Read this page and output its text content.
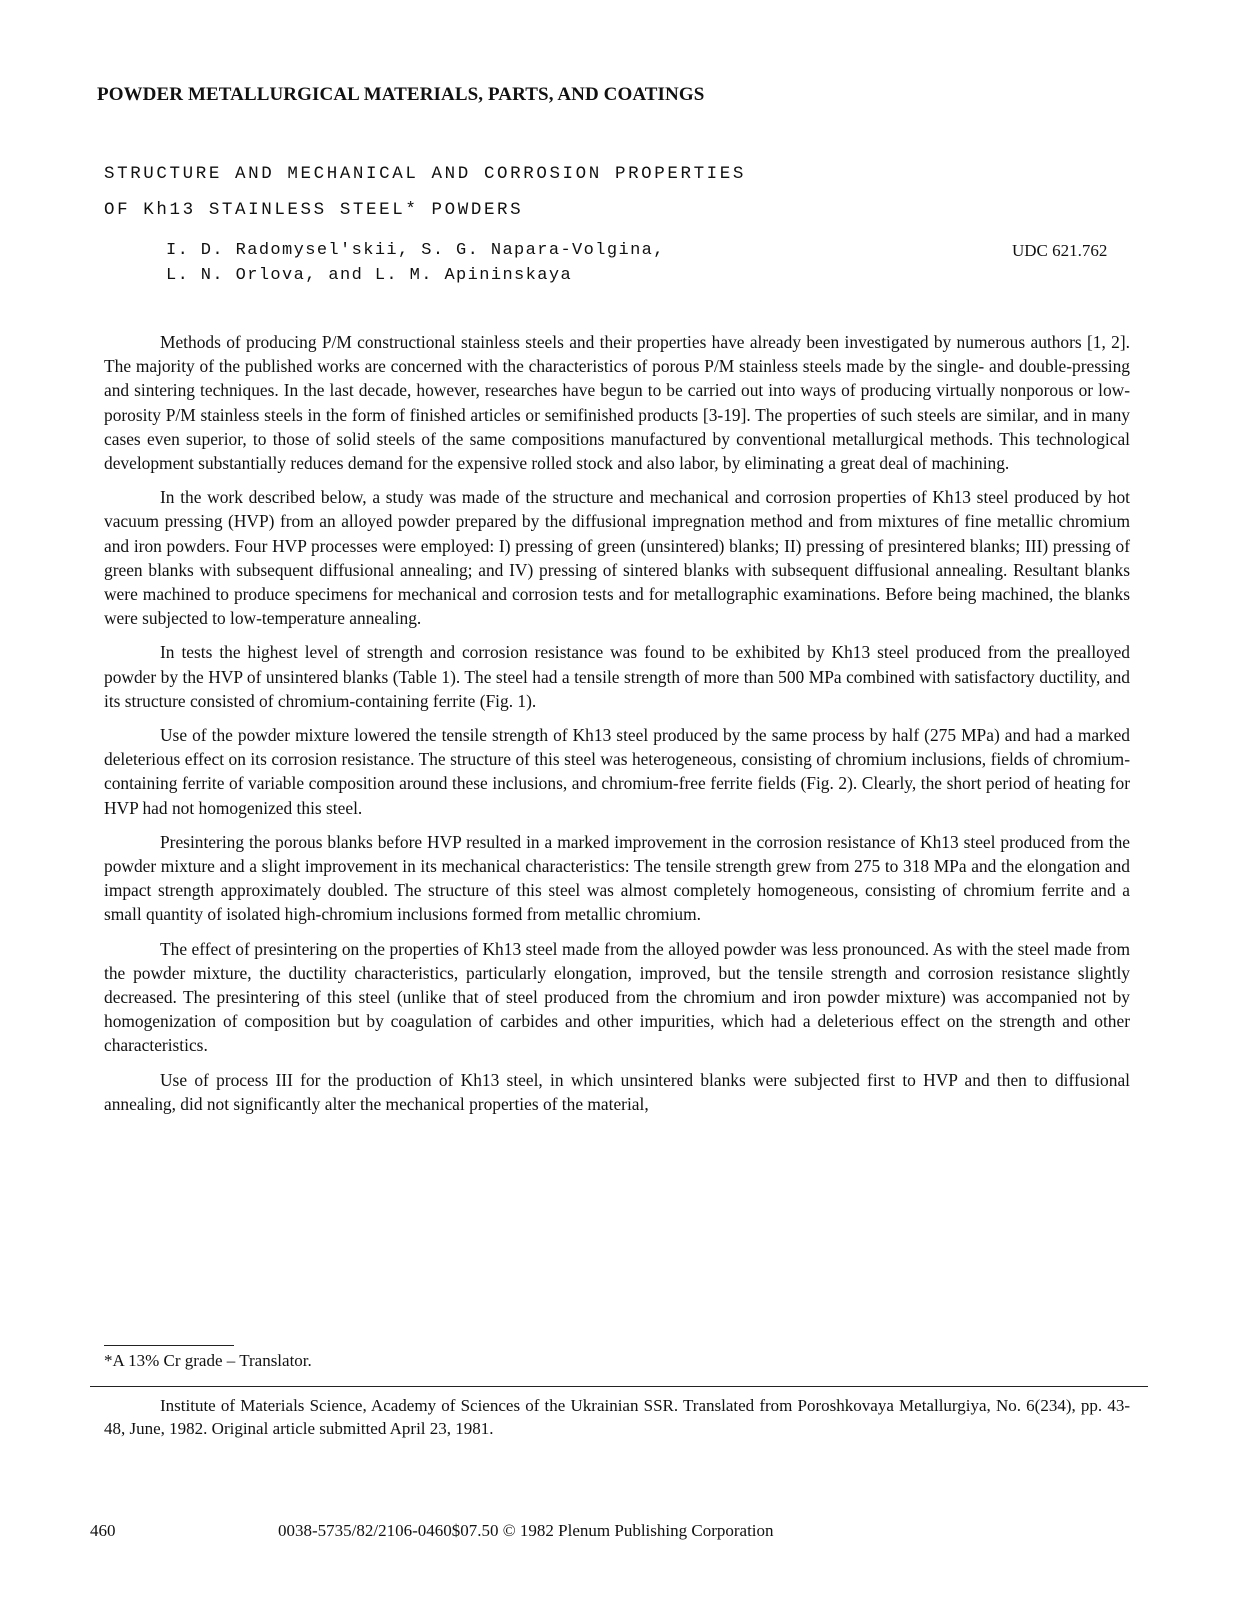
POWDER METALLURGICAL MATERIALS, PARTS, AND COATINGS
STRUCTURE AND MECHANICAL AND CORROSION PROPERTIES
OF Kh13 STAINLESS STEEL* POWDERS
I. D. Radomysel'skii, S. G. Napara-Volgina,
L. N. Orlova, and L. M. Apininskaya
UDC 621.762

Methods of producing P/M constructional stainless steels and their properties have already been investigated by numerous authors [1, 2]. The majority of the published works are concerned with the characteristics of porous P/M stainless steels made by the single- and double-pressing and sintering techniques. In the last decade, however, researches have begun to be carried out into ways of producing virtually nonporous or low-porosity P/M stainless steels in the form of finished articles or semifinished products [3-19]. The properties of such steels are similar, and in many cases even superior, to those of solid steels of the same compositions manufactured by conventional metallurgical methods. This technological development substantially reduces demand for the expensive rolled stock and also labor, by eliminating a great deal of machining.

In the work described below, a study was made of the structure and mechanical and corrosion properties of Kh13 steel produced by hot vacuum pressing (HVP) from an alloyed powder prepared by the diffusional impregnation method and from mixtures of fine metallic chromium and iron powders. Four HVP processes were employed: I) pressing of green (unsintered) blanks; II) pressing of presintered blanks; III) pressing of green blanks with subsequent diffusional annealing; and IV) pressing of sintered blanks with subsequent diffusional annealing. Resultant blanks were machined to produce specimens for mechanical and corrosion tests and for metallographic examinations. Before being machined, the blanks were subjected to low-temperature annealing.

In tests the highest level of strength and corrosion resistance was found to be exhibited by Kh13 steel produced from the prealloyed powder by the HVP of unsintered blanks (Table 1). The steel had a tensile strength of more than 500 MPa combined with satisfactory ductility, and its structure consisted of chromium-containing ferrite (Fig. 1).

Use of the powder mixture lowered the tensile strength of Kh13 steel produced by the same process by half (275 MPa) and had a marked deleterious effect on its corrosion resistance. The structure of this steel was heterogeneous, consisting of chromium inclusions, fields of chromium-containing ferrite of variable composition around these inclusions, and chromium-free ferrite fields (Fig. 2). Clearly, the short period of heating for HVP had not homogenized this steel.

Presintering the porous blanks before HVP resulted in a marked improvement in the corrosion resistance of Kh13 steel produced from the powder mixture and a slight improvement in its mechanical characteristics: The tensile strength grew from 275 to 318 MPa and the elongation and impact strength approximately doubled. The structure of this steel was almost completely homogeneous, consisting of chromium ferrite and a small quantity of isolated high-chromium inclusions formed from metallic chromium.

The effect of presintering on the properties of Kh13 steel made from the alloyed powder was less pronounced. As with the steel made from the powder mixture, the ductility characteristics, particularly elongation, improved, but the tensile strength and corrosion resistance slightly decreased. The presintering of this steel (unlike that of steel produced from the chromium and iron powder mixture) was accompanied not by homogenization of composition but by coagulation of carbides and other impurities, which had a deleterious effect on the strength and other characteristics.

Use of process III for the production of Kh13 steel, in which unsintered blanks were subjected first to HVP and then to diffusional annealing, did not significantly alter the mechanical properties of the material,

*A 13% Cr grade – Translator.
Institute of Materials Science, Academy of Sciences of the Ukrainian SSR. Translated from Poroshkovaya Metallurgiya, No. 6(234), pp. 43-48, June, 1982. Original article submitted April 23, 1981.
460	0038-5735/82/2106-0460$07.50 © 1982 Plenum Publishing Corporation
